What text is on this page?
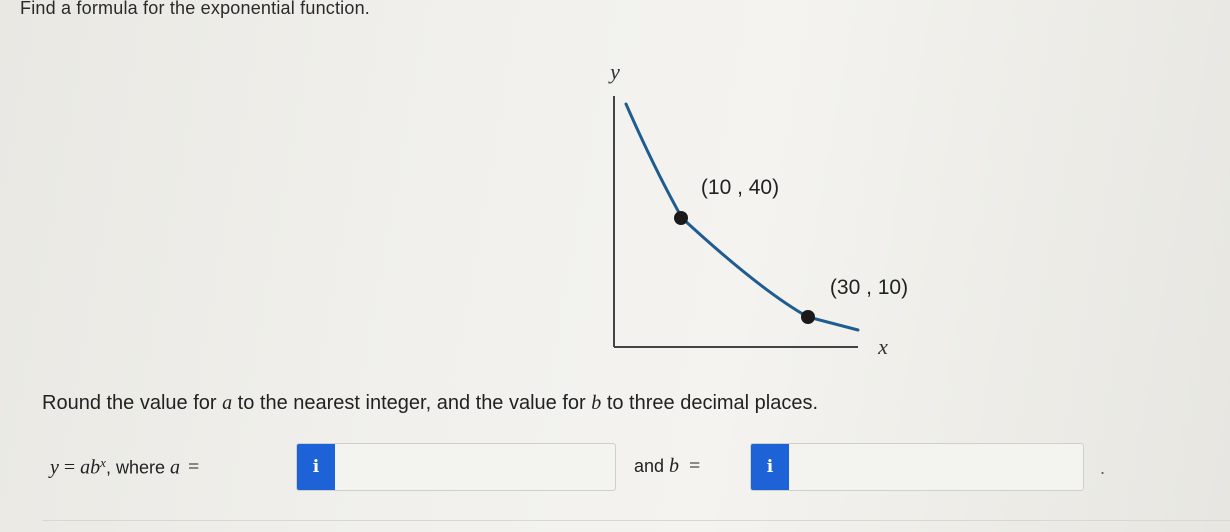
Find a formula for the exponential function.
y
x
(10 , 40)
(30 , 10)
Round the value for a to the nearest integer, and the value for b to three decimal places.
$y = ab^x$, where a =	i	and b =	i	.
